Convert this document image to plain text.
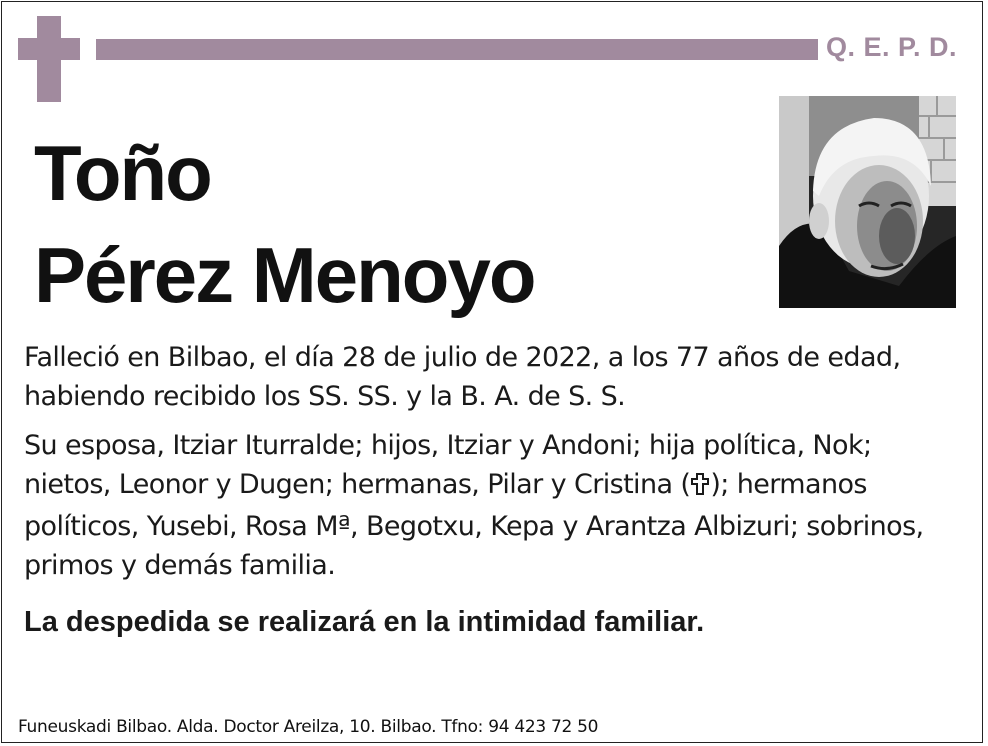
Q. E. P. D.
Toño
Pérez Menoyo
Falleció en Bilbao, el día 28 de julio de 2022, a los 77 años de edad, habiendo recibido los SS. SS. y la B. A. de S. S.
Su esposa, Itziar Iturralde; hijos, Itziar y Andoni; hija política, Nok; nietos, Leonor y Dugen; hermanas, Pilar y Cristina ( ); hermanos políticos, Yusebi, Rosa Mª, Begotxu, Kepa y Arantza Albizuri; sobrinos, primos y demás familia.
La despedida se realizará en la intimidad familiar.
Funeuskadi Bilbao. Alda. Doctor Areilza, 10. Bilbao. Tfno: 94 423 72 50
